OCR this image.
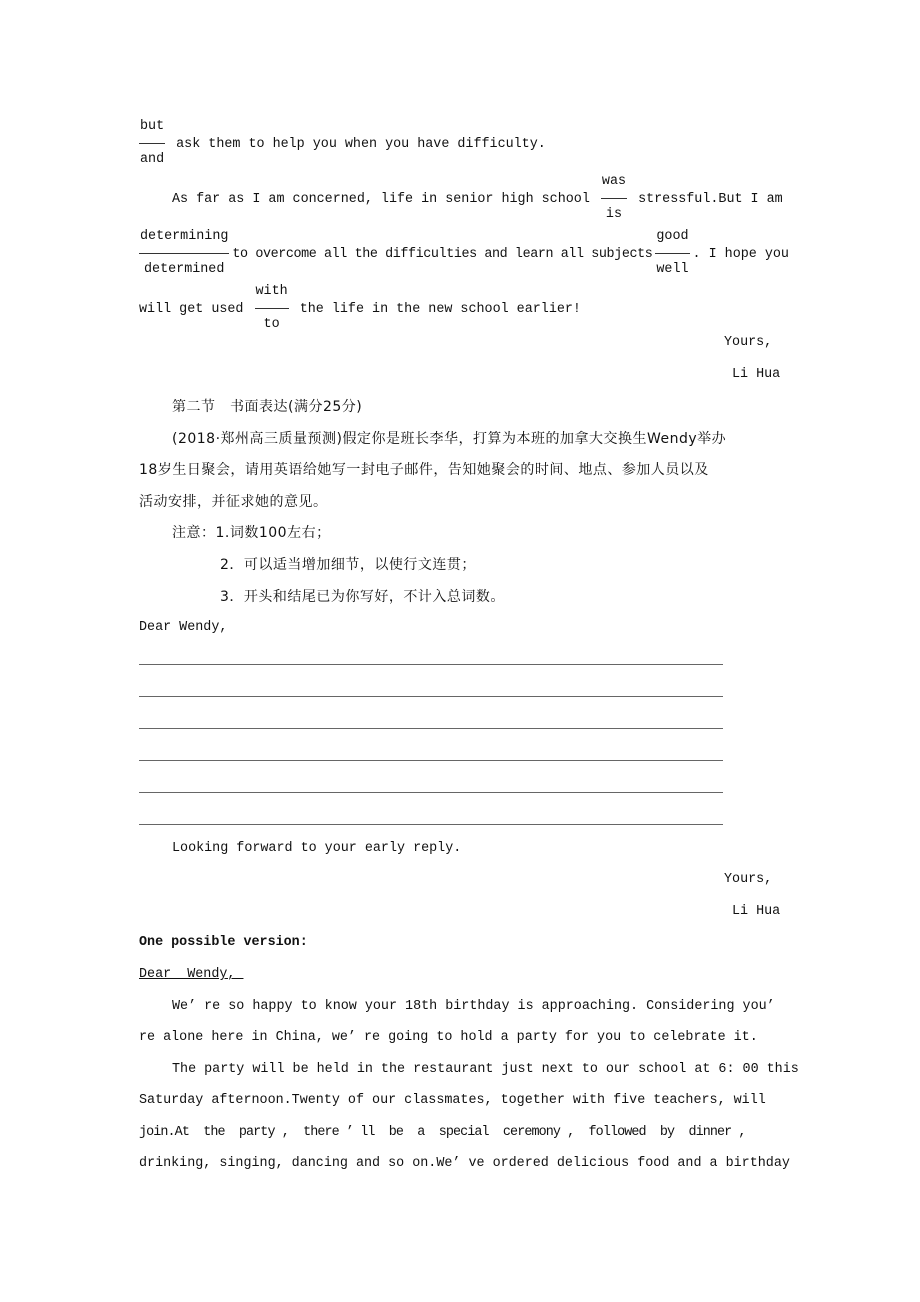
$\frac{\text{but}}{\text{and}}$ ask them to help you when you have difficulty.
As far as I am concerned, life in senior high school $\frac{\text{was}}{is}$ stressful.But I am
$\frac{\text{determining}}{\text{determined}}$ to overcome all the difficulties and learn all subjects $\frac{\text{good}}{\text{well}}$ . I hope you
will get used $\frac{\text{with}}{to}$ the life in the new school earlier!
Yours,
Li Hua
第二节　书面表达(满分25分)
(2018·郑州高三质量预测)假定你是班长李华，打算为本班的加拿大交换生Wendy举办
18岁生日聚会，请用英语给她写一封电子邮件，告知她聚会的时间、地点、参加人员以及
活动安排，并征求她的意见。
注意：1.词数100左右；
2．可以适当增加细节，以使行文连贯；
3．开头和结尾已为你写好，不计入总词数。
Dear Wendy,
Looking forward to your early reply.
Yours,
Li Hua
One possible version:
Dear  Wendy,
We’ re so happy to know your 18th birthday is approaching. Considering you’
re alone here in China, we’ re going to hold a party for you to celebrate it.
The party will be held in the restaurant just next to our school at 6: 00 this
Saturday afternoon.Twenty of our classmates, together with five teachers, will
join.At  the  party ,  there ’ ll  be  a  special  ceremony ,  followed  by  dinner ,
drinking, singing, dancing and so on.We’ ve ordered delicious food and a birthday
